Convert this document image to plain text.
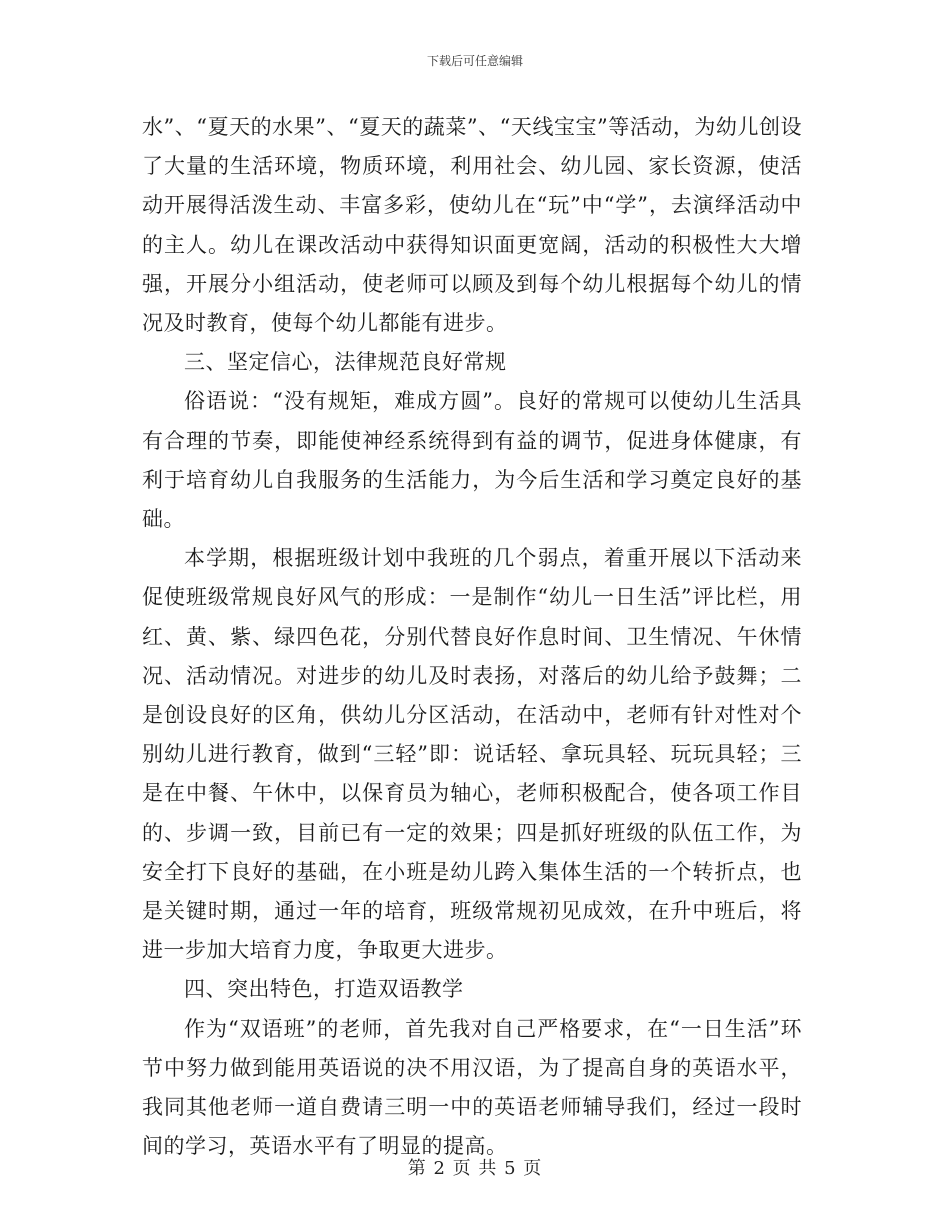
下载后可任意编辑

水”、“夏天的水果”、“夏天的蔬菜”、“天线宝宝”等活动，为幼儿创设了大量的生活环境，物质环境，利用社会、幼儿园、家长资源，使活动开展得活泼生动、丰富多彩，使幼儿在“玩”中“学”，去演绎活动中的主人。幼儿在课改活动中获得知识面更宽阔，活动的积极性大大增强，开展分小组活动，使老师可以顾及到每个幼儿根据每个幼儿的情况及时教育，使每个幼儿都能有进步。

三、坚定信心，法律规范良好常规

俗语说：“没有规矩，难成方圆”。良好的常规可以使幼儿生活具有合理的节奏，即能使神经系统得到有益的调节，促进身体健康，有利于培育幼儿自我服务的生活能力，为今后生活和学习奠定良好的基础。

本学期，根据班级计划中我班的几个弱点，着重开展以下活动来促使班级常规良好风气的形成：一是制作“幼儿一日生活”评比栏，用红、黄、紫、绿四色花，分别代替良好作息时间、卫生情况、午休情况、活动情况。对进步的幼儿及时表扬，对落后的幼儿给予鼓舞；二是创设良好的区角，供幼儿分区活动，在活动中，老师有针对性对个别幼儿进行教育，做到“三轻”即：说话轻、拿玩具轻、玩玩具轻；三是在中餐、午休中，以保育员为轴心，老师积极配合，使各项工作目的、步调一致，目前已有一定的效果；四是抓好班级的队伍工作，为安全打下良好的基础，在小班是幼儿跨入集体生活的一个转折点，也是关键时期，通过一年的培育，班级常规初见成效，在升中班后，将进一步加大培育力度，争取更大进步。

四、突出特色，打造双语教学

作为“双语班”的老师，首先我对自己严格要求，在“一日生活”环节中努力做到能用英语说的决不用汉语，为了提高自身的英语水平，我同其他老师一道自费请三明一中的英语老师辅导我们，经过一段时间的学习，英语水平有了明显的提高。

第 2 页 共 5 页
